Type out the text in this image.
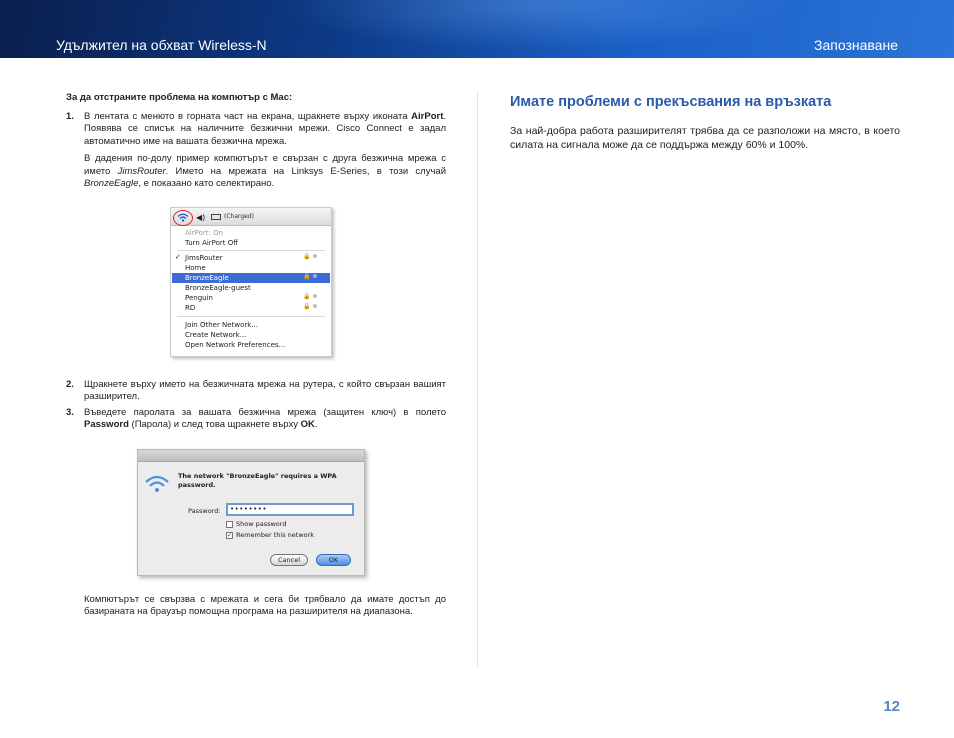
Удължител на обхват Wireless-N	Запознаване
За да отстраните проблема на компютър с Mac:
1. В лентата с менюто в горната част на екрана, щракнете върху иконата AirPort. Появява се списък на наличните безжични мрежи. Cisco Connect е задал автоматично име на вашата безжична мрежа.
В дадения по-долу пример компютърът е свързан с друга безжична мрежа с името JimsRouter. Името на мрежата на Linksys E-Series, в този случай BronzeEagle, е показано като селектирано.
2. Щракнете върху името на безжичната мрежа на рутера, с който свързан вашият разширител.
3. Въведете паролата за вашата безжична мрежа (защитен ключ) в полето Password (Парола) и след това щракнете върху OK.
Компютърът се свързва с мрежата и сега би трябвало да имате достъп до базираната на браузър помощна програма на разширителя на диапазона.
◀)	(Charged)
AirPort: On
Turn AirPort Off
✓ JimsRouter	🔒 ≋
Home
BronzeEagle	🔒 ≋
BronzeEagle-guest
Penguin	🔒 ≋
RD	🔒 ≋
Join Other Network...
Create Network...
Open Network Preferences...
The network "BronzeEagle" requires a WPA password.
Password:	••••••••
Show password
✓ Remember this network
Cancel	OK
Имате проблеми с прекъсвания на връзката
За най-добра работа разширителят трябва да се разположи на място, в което силата на сигнала може да се поддържа между 60% и 100%.
12
